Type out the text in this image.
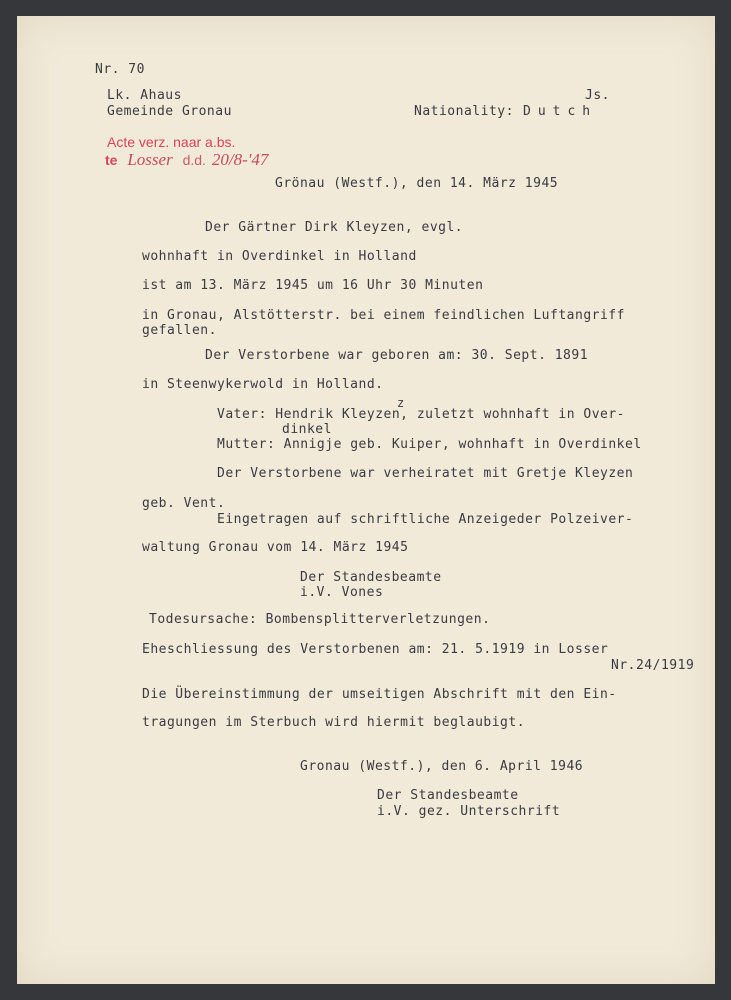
Nr. 70
Lk. Ahaus
Gemeinde Gronau
Js.
Nationality: Dutch
Acte verz. naar a.bs.
te Losser d.d. 20/8-'47
Grönau (Westf.), den 14. März 1945
Der Gärtner Dirk Kleyzen, evgl.
wohnhaft in Overdinkel in Holland
ist am 13. März 1945 um 16 Uhr 30 Minuten
in Gronau, Alstötterstr. bei einem feindlichen Luftangriff
gefallen.
Der Verstorbene war geboren am: 30. Sept. 1891
in Steenwykerwold in Holland.
z
Vater: Hendrik Kleyzen, zuletzt wohnhaft in Over-
dinkel
Mutter: Annigje geb. Kuiper, wohnhaft in Overdinkel
Der Verstorbene war verheiratet mit Gretje Kleyzen
geb. Vent.
Eingetragen auf schriftliche Anzeigeder Polzeiver-
waltung Gronau vom 14. März 1945
Der Standesbeamte
i.V. Vones
Todesursache: Bombensplitterverletzungen.
Eheschliessung des Verstorbenen am: 21. 5.1919 in Losser
Nr.24/1919
Die Übereinstimmung der umseitigen Abschrift mit den Ein-
tragungen im Sterbuch wird hiermit beglaubigt.
Gronau (Westf.), den 6. April 1946
Der Standesbeamte
i.V. gez. Unterschrift
